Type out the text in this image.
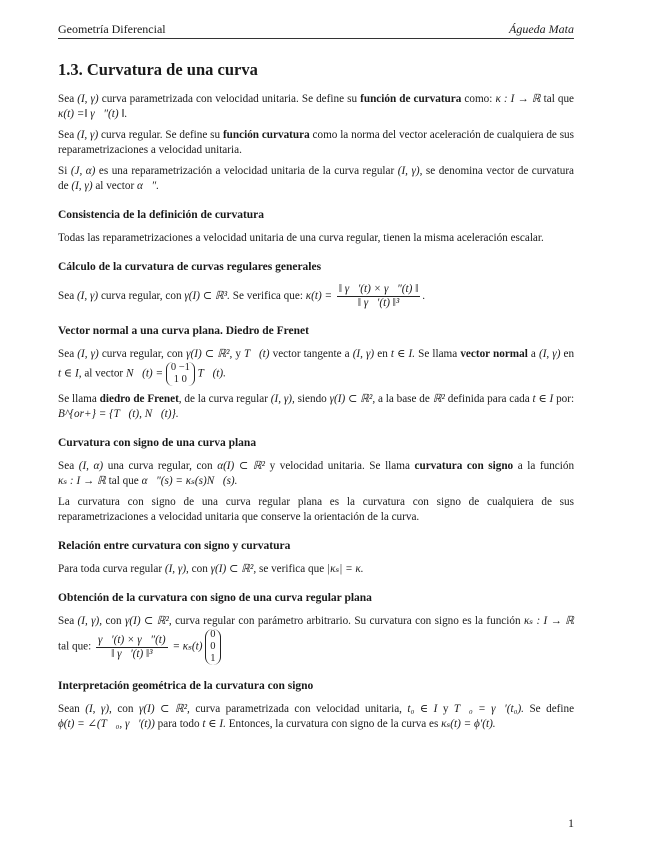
Geometría Diferencial	Águeda Mata
1.3. Curvatura de una curva

Sea (I, γ) curva parametrizada con velocidad unitaria. Se define su función de curvatura como: κ : I → ℝ tal que κ(t) =‖ γ⃗″(t) ‖.

Sea (I, γ) curva regular. Se define su función curvatura como la norma del vector aceleración de cualquiera de sus reparametrizaciones a velocidad unitaria.

Si (J, α) es una reparametrización a velocidad unitaria de la curva regular (I, γ), se denomina vector de curvatura de (I, γ) al vector α⃗″.

Consistencia de la definición de curvatura

Todas las reparametrizaciones a velocidad unitaria de una curva regular, tienen la misma aceleración escalar.

Cálculo de la curvatura de curvas regulares generales

Sea (I, γ) curva regular, con γ(I) ⊂ ℝ³. Se verifica que: $\kappa(t) = \frac{‖ \gamma⃗'(t) \times \gamma⃗''(t) ‖}{\text{‖ γ⃗′(t) ‖³}}$ .

Vector normal a una curva plana. Diedro de Frenet

Sea (I, γ) curva regular, con γ(I) ⊂ ℝ², y T⃗(t) vector tangente a (I, γ) en t ∈ I. Se llama vector normal a (I, γ) en t ∈ I, al vector N⃗(t) =
0 −1
1 0 T⃗(t).

Se llama diedro de Frenet, de la curva regular (I, γ), siendo γ(I) ⊂ ℝ², a la base de ℝ² definida para cada t ∈ I por: B^{or+} = {T⃗(t), N⃗(t)}.

Curvatura con signo de una curva plana

Sea (I, α) una curva regular, con α(I) ⊂ ℝ² y velocidad unitaria. Se llama curvatura con signo a la función κₛ : I → ℝ tal que α⃗″(s) = κₛ(s)N⃗(s).

La curvatura con signo de una curva regular plana es la curvatura con signo de cualquiera de sus reparametrizaciones a velocidad unitaria que conserve la orientación de la curva.

Relación entre curvatura con signo y curvatura

Para toda curva regular (I, γ), con γ(I) ⊂ ℝ², se verifica que |κₛ| = κ.

Obtención de la curvatura con signo de una curva regular plana

Sea (I, γ), con γ(I) ⊂ ℝ², curva regular con parámetro arbitrario. Su curvatura con signo es la función κₛ : I → ℝ tal que: $\frac{\gamma⃗'(t) \times \gamma⃗''(t)}{\text{‖ γ⃗′(t) ‖³}} = \kappa_s(t)$
0
0
1

Interpretación geométrica de la curvatura con signo

Sean (I, γ), con γ(I) ⊂ ℝ², curva parametrizada con velocidad unitaria, t₀ ∈ I y T⃗₀ = γ⃗′(t₀). Se define ϕ(t) = ∠(T⃗₀, γ⃗′(t)) para todo t ∈ I. Entonces, la curvatura con signo de la curva es κₛ(t) = ϕ′(t).

1
